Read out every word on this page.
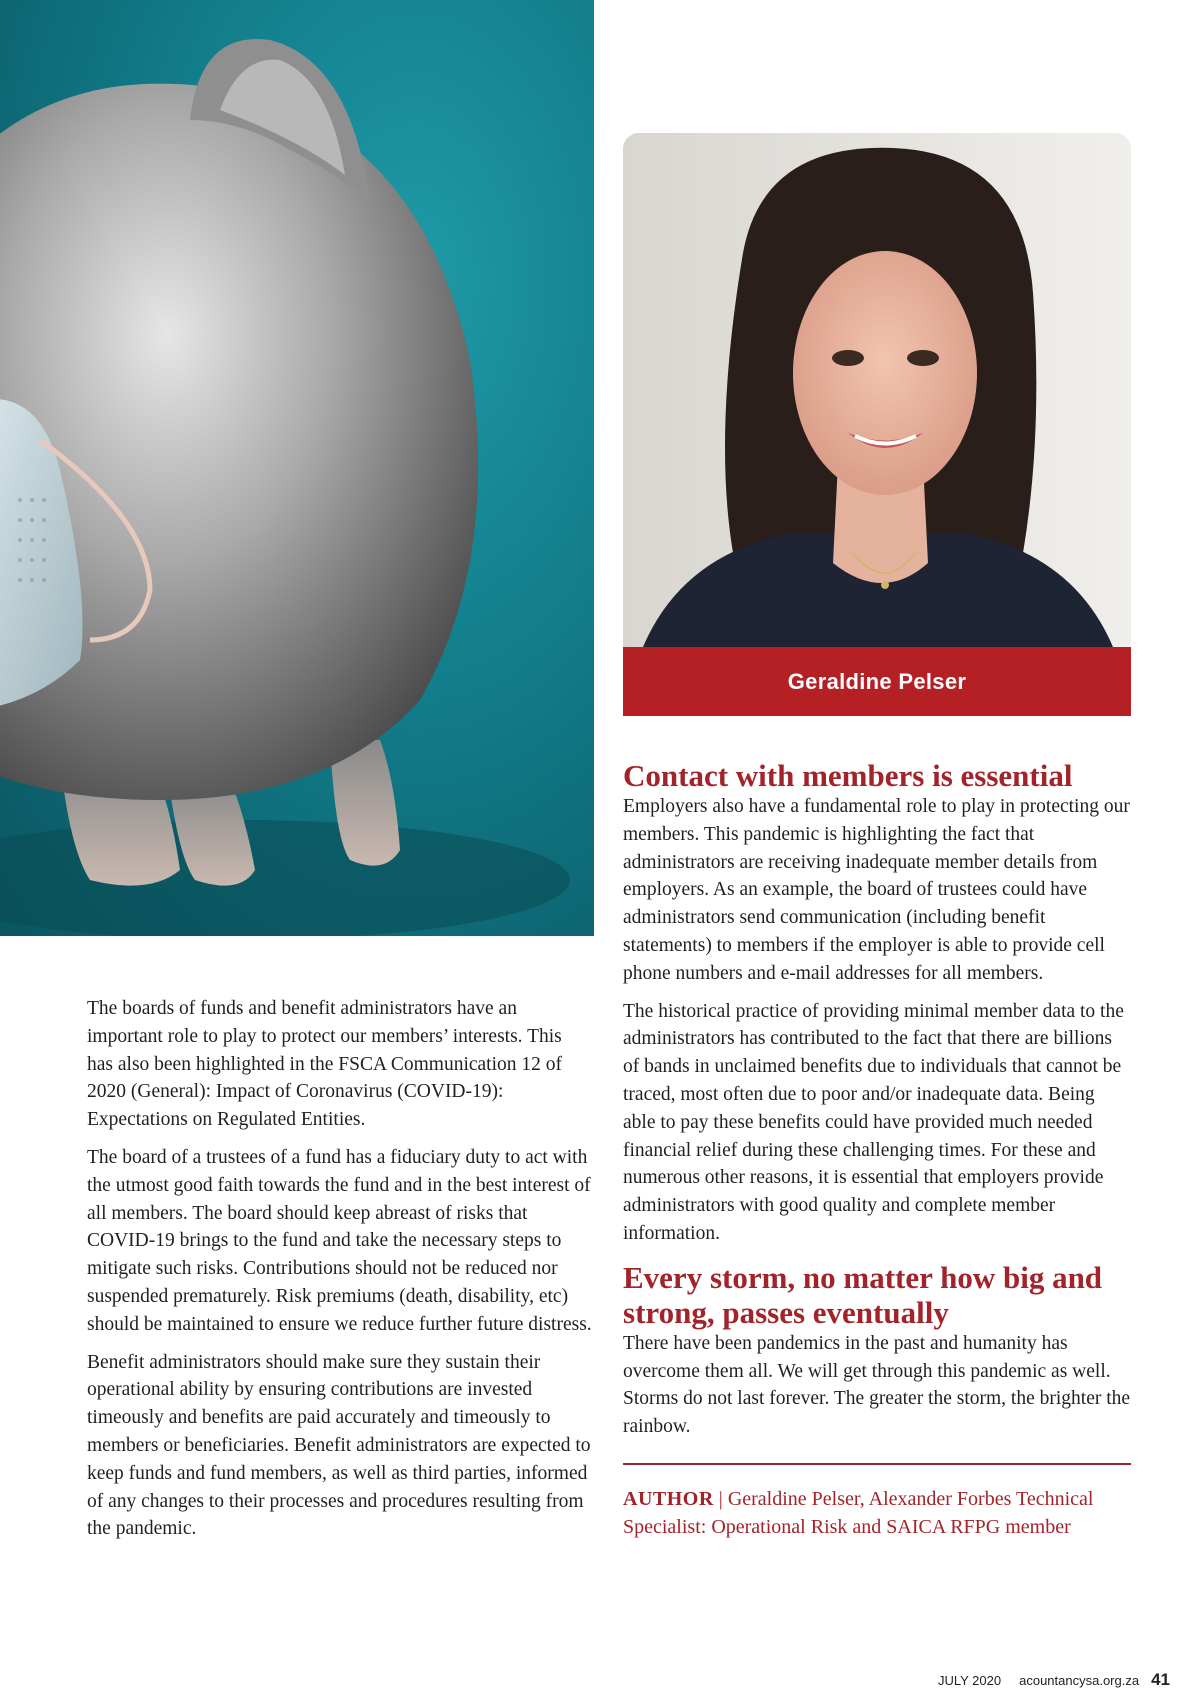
Geraldine Pelser

The boards of funds and benefit administrators have an important role to play to protect our members’ interests. This has also been highlighted in the FSCA Communication 12 of 2020 (General): Impact of Coronavirus (COVID-19): Expectations on Regulated Entities.

The board of a trustees of a fund has a fiduciary duty to act with the utmost good faith towards the fund and in the best interest of all members. The board should keep abreast of risks that COVID-19 brings to the fund and take the necessary steps to mitigate such risks. Contributions should not be reduced nor suspended prematurely. Risk premiums (death, disability, etc) should be maintained to ensure we reduce further future distress.

Benefit administrators should make sure they sustain their operational ability by ensuring contributions are invested timeously and benefits are paid accurately and timeously to members or beneficiaries. Benefit administrators are expected to keep funds and fund members, as well as third parties, informed of any changes to their processes and procedures resulting from the pandemic.

Contact with members is essential

Employers also have a fundamental role to play in protecting our members. This pandemic is highlighting the fact that administrators are receiving inadequate member details from employers. As an example, the board of trustees could have administrators send communication (including benefit statements) to members if the employer is able to provide cell phone numbers and e-mail addresses for all members.

The historical practice of providing minimal member data to the administrators has contributed to the fact that there are billions of bands in unclaimed benefits due to individuals that cannot be traced, most often due to poor and/or inadequate data. Being able to pay these benefits could have provided much needed financial relief during these challenging times. For these and numerous other reasons, it is essential that employers provide administrators with good quality and complete member information.

Every storm, no matter how big and strong, passes eventually

There have been pandemics in the past and humanity has overcome them all. We will get through this pandemic as well. Storms do not last forever. The greater the storm, the brighter the rainbow.

AUTHOR | Geraldine Pelser, Alexander Forbes Technical Specialist: Operational Risk and SAICA RFPG member
JULY 2020 acountancysa.org.za 41
